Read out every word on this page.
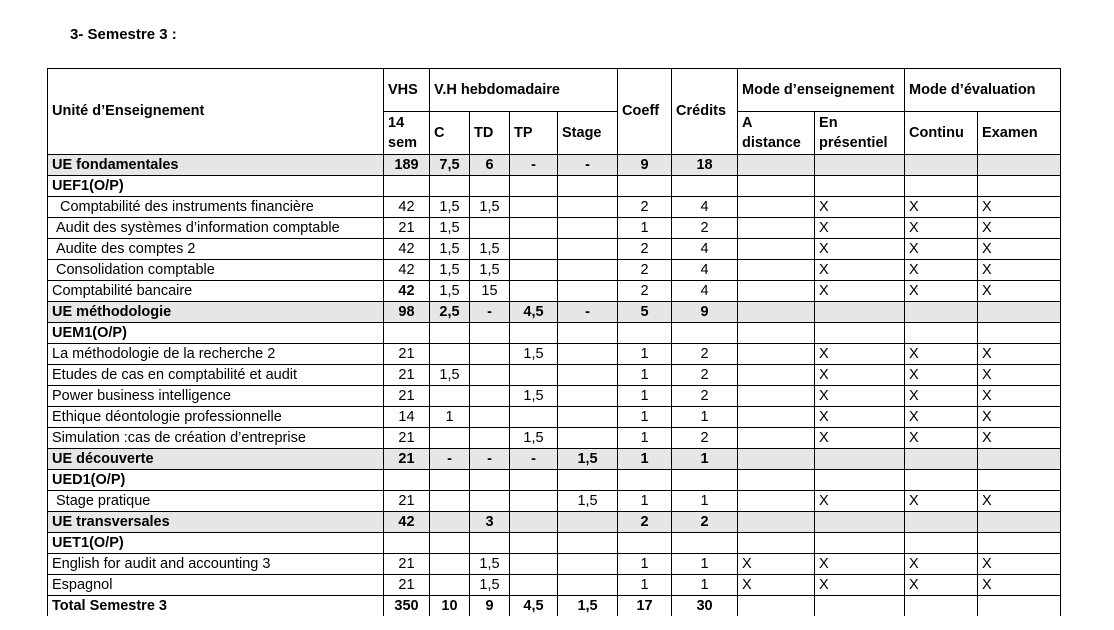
3- Semestre 3 :
Unité d’Enseignement	VHS	V.H hebdomadaire				Coeff	Crédits	Mode d’enseignement		Mode d’évaluation	
	14 sem	C	TD	TP	Stage			A distance	En présentiel	Continu	Examen
UE fondamentales	189	7,5	6	-	-	9	18				
UEF1(O/P)											
Comptabilité des instruments financière	42	1,5	1,5			2	4		X	X	X
Audit des systèmes d’information comptable	21	1,5				1	2		X	X	X
Audite des comptes 2	42	1,5	1,5			2	4		X	X	X
Consolidation comptable	42	1,5	1,5			2	4		X	X	X
Comptabilité bancaire	42	1,5	15			2	4		X	X	X
UE méthodologie	98	2,5	-	4,5	-	5	9				
UEM1(O/P)											
La méthodologie de la recherche 2	21			1,5		1	2		X	X	X
Etudes de cas en comptabilité et audit	21	1,5				1	2		X	X	X
Power business intelligence	21			1,5		1	2		X	X	X
Ethique déontologie professionnelle	14	1				1	1		X	X	X
Simulation :cas de création d’entreprise	21			1,5		1	2		X	X	X
UE découverte	21	-	-	-	1,5	1	1				
UED1(O/P)											
Stage pratique	21				1,5	1	1		X	X	X
UE transversales	42		3			2	2				
UET1(O/P)											
English for audit and accounting 3	21		1,5			1	1	X	X	X	X
Espagnol	21		1,5			1	1	X	X	X	X
Total Semestre 3	350	10	9	4,5	1,5	17	30				
